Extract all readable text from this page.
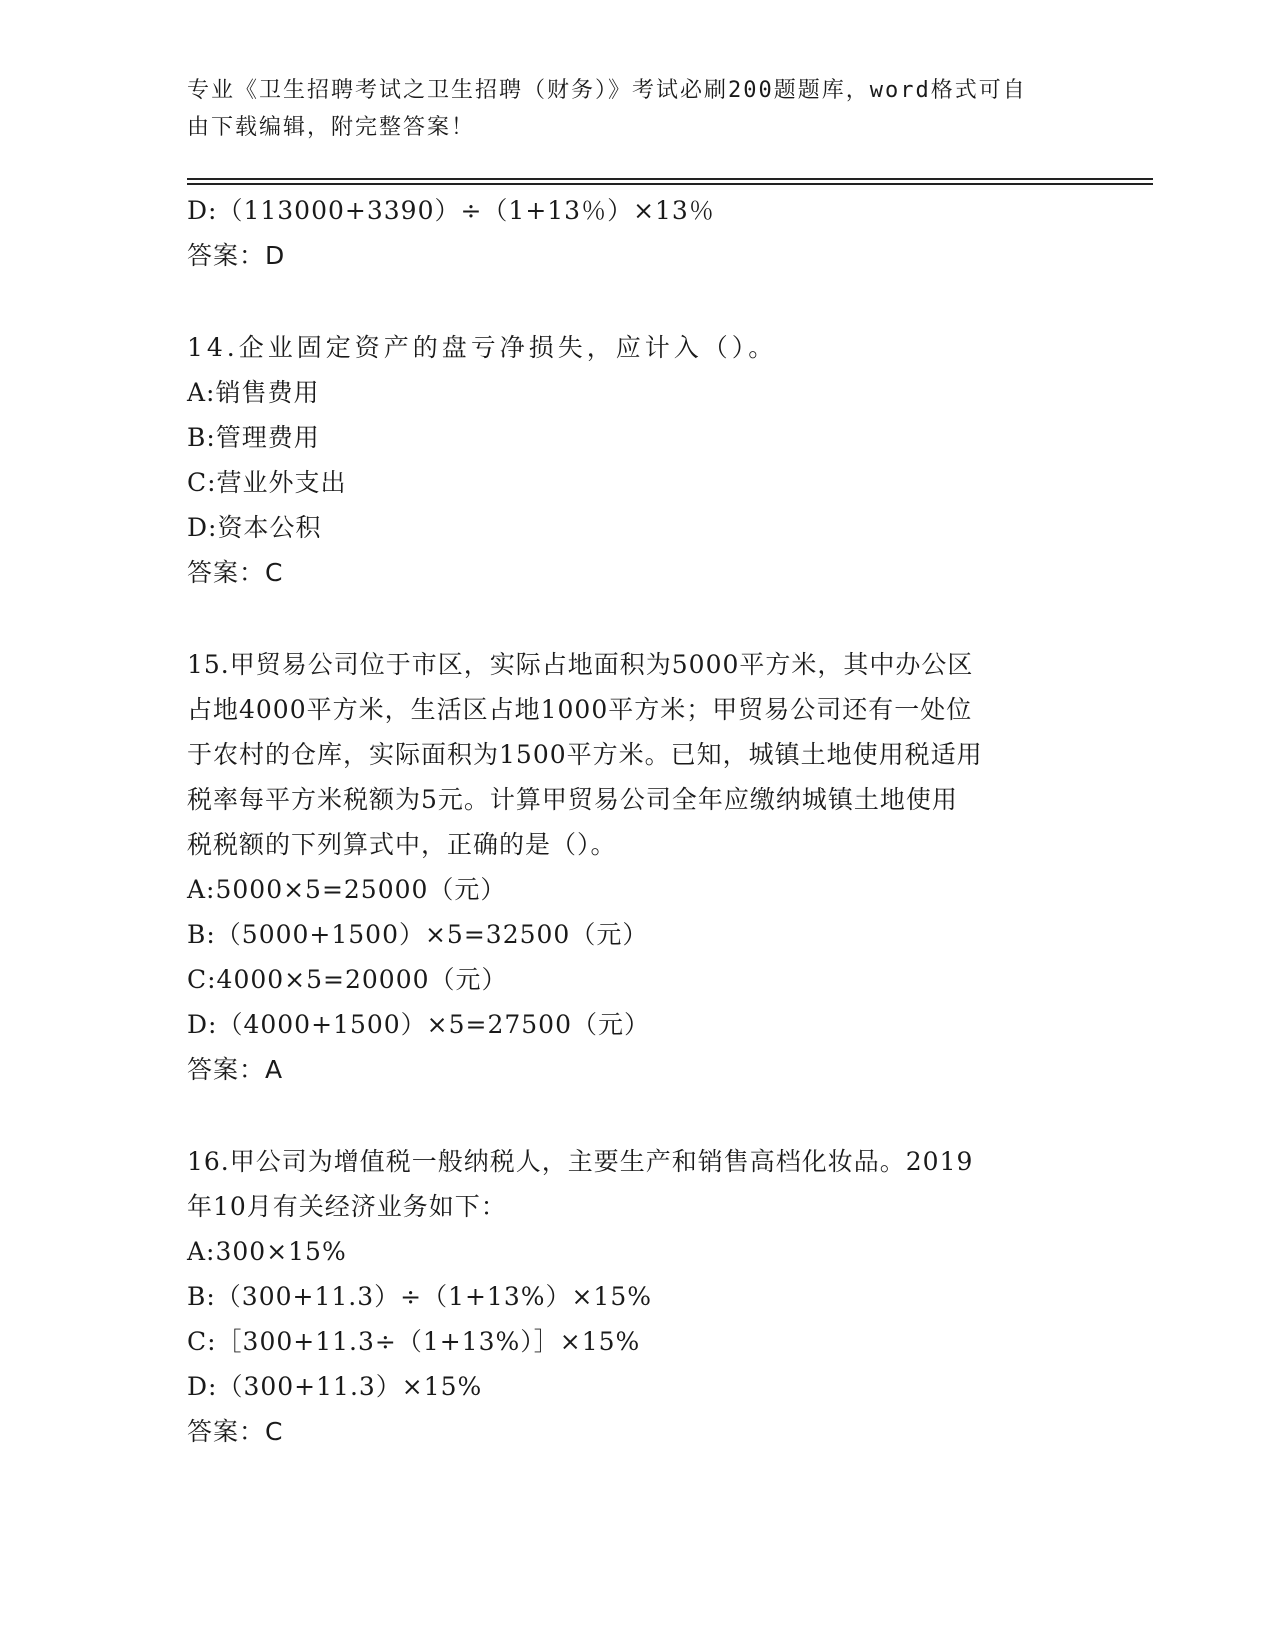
专业《卫生招聘考试之卫生招聘（财务）》考试必刷200题题库，word格式可自
由下载编辑，附完整答案！
D:（113000+3390）÷（1+13％）×13％
答案：D
14.企业固定资产的盘亏净损失，应计入（）。
A:销售费用
B:管理费用
C:营业外支出
D:资本公积
答案：C
15.甲贸易公司位于市区，实际占地面积为5000平方米，其中办公区
占地4000平方米，生活区占地1000平方米；甲贸易公司还有一处位
于农村的仓库，实际面积为1500平方米。已知，城镇土地使用税适用
税率每平方米税额为5元。计算甲贸易公司全年应缴纳城镇土地使用
税税额的下列算式中，正确的是（）。
A:5000×5=25000（元）
B:（5000+1500）×5=32500（元）
C:4000×5=20000（元）
D:（4000+1500）×5=27500（元）
答案：A
16.甲公司为增值税一般纳税人，主要生产和销售高档化妆品。2019
年10月有关经济业务如下：
A:300×15%
B:（300+11.3）÷（1+13%）×15%
C:［300+11.3÷（1+13%）］×15%
D:（300+11.3）×15%
答案：C
